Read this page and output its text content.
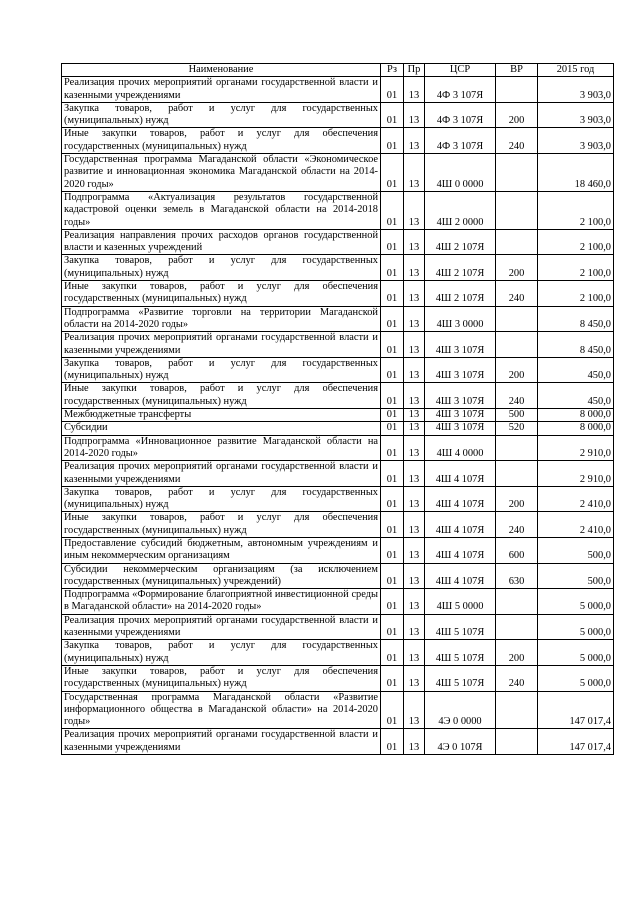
Наименование	Рз	Пр	ЦСР	ВР	2015 год
Реализация прочих мероприятий органами государственной власти и казенными учреждениями	01	13	4Ф 3 107Я		3 903,0
Закупка товаров, работ и услуг для государственных (муниципальных) нужд	01	13	4Ф 3 107Я	200	3 903,0
Иные закупки товаров, работ и услуг для обеспечения государственных (муниципальных) нужд	01	13	4Ф 3 107Я	240	3 903,0
Государственная программа Магаданской области «Экономическое развитие и инновационная экономика Магаданской области на 2014-2020 годы»	01	13	4Ш 0 0000		18 460,0
Подпрограмма «Актуализация результатов государственной кадастровой оценки земель в Магаданской области на 2014-2018 годы»	01	13	4Ш 2 0000		2 100,0
Реализация направления прочих расходов органов государственной власти и казенных учреждений	01	13	4Ш 2 107Я		2 100,0
Закупка товаров, работ и услуг для государственных (муниципальных) нужд	01	13	4Ш 2 107Я	200	2 100,0
Иные закупки товаров, работ и услуг для обеспечения государственных (муниципальных) нужд	01	13	4Ш 2 107Я	240	2 100,0
Подпрограмма «Развитие торговли на территории Магаданской области на 2014-2020 годы»	01	13	4Ш 3 0000		8 450,0
Реализация прочих мероприятий органами государственной власти и казенными учреждениями	01	13	4Ш 3 107Я		8 450,0
Закупка товаров, работ и услуг для государственных (муниципальных) нужд	01	13	4Ш 3 107Я	200	450,0
Иные закупки товаров, работ и услуг для обеспечения государственных (муниципальных) нужд	01	13	4Ш 3 107Я	240	450,0
Межбюджетные трансферты	01	13	4Ш 3 107Я	500	8 000,0
Субсидии	01	13	4Ш 3 107Я	520	8 000,0
Подпрограмма «Инновационное развитие Магаданской области на 2014-2020 годы»	01	13	4Ш 4 0000		2 910,0
Реализация прочих мероприятий органами государственной власти и казенными учреждениями	01	13	4Ш 4 107Я		2 910,0
Закупка товаров, работ и услуг для государственных (муниципальных) нужд	01	13	4Ш 4 107Я	200	2 410,0
Иные закупки товаров, работ и услуг для обеспечения государственных (муниципальных) нужд	01	13	4Ш 4 107Я	240	2 410,0
Предоставление субсидий бюджетным, автономным учреждениям и иным некоммерческим организациям	01	13	4Ш 4 107Я	600	500,0
Субсидии некоммерческим организациям (за исключением государственных (муниципальных) учреждений)	01	13	4Ш 4 107Я	630	500,0
Подпрограмма «Формирование благоприятной инвестиционной среды в Магаданской области» на 2014-2020 годы»	01	13	4Ш 5 0000		5 000,0
Реализация прочих мероприятий органами государственной власти и казенными учреждениями	01	13	4Ш 5 107Я		5 000,0
Закупка товаров, работ и услуг для государственных (муниципальных) нужд	01	13	4Ш 5 107Я	200	5 000,0
Иные закупки товаров, работ и услуг для обеспечения государственных (муниципальных) нужд	01	13	4Ш 5 107Я	240	5 000,0
Государственная программа Магаданской области «Развитие информационного общества в Магаданской области» на 2014-2020 годы»	01	13	4Э 0 0000		147 017,4
Реализация прочих мероприятий органами государственной власти и казенными учреждениями	01	13	4Э 0 107Я		147 017,4
